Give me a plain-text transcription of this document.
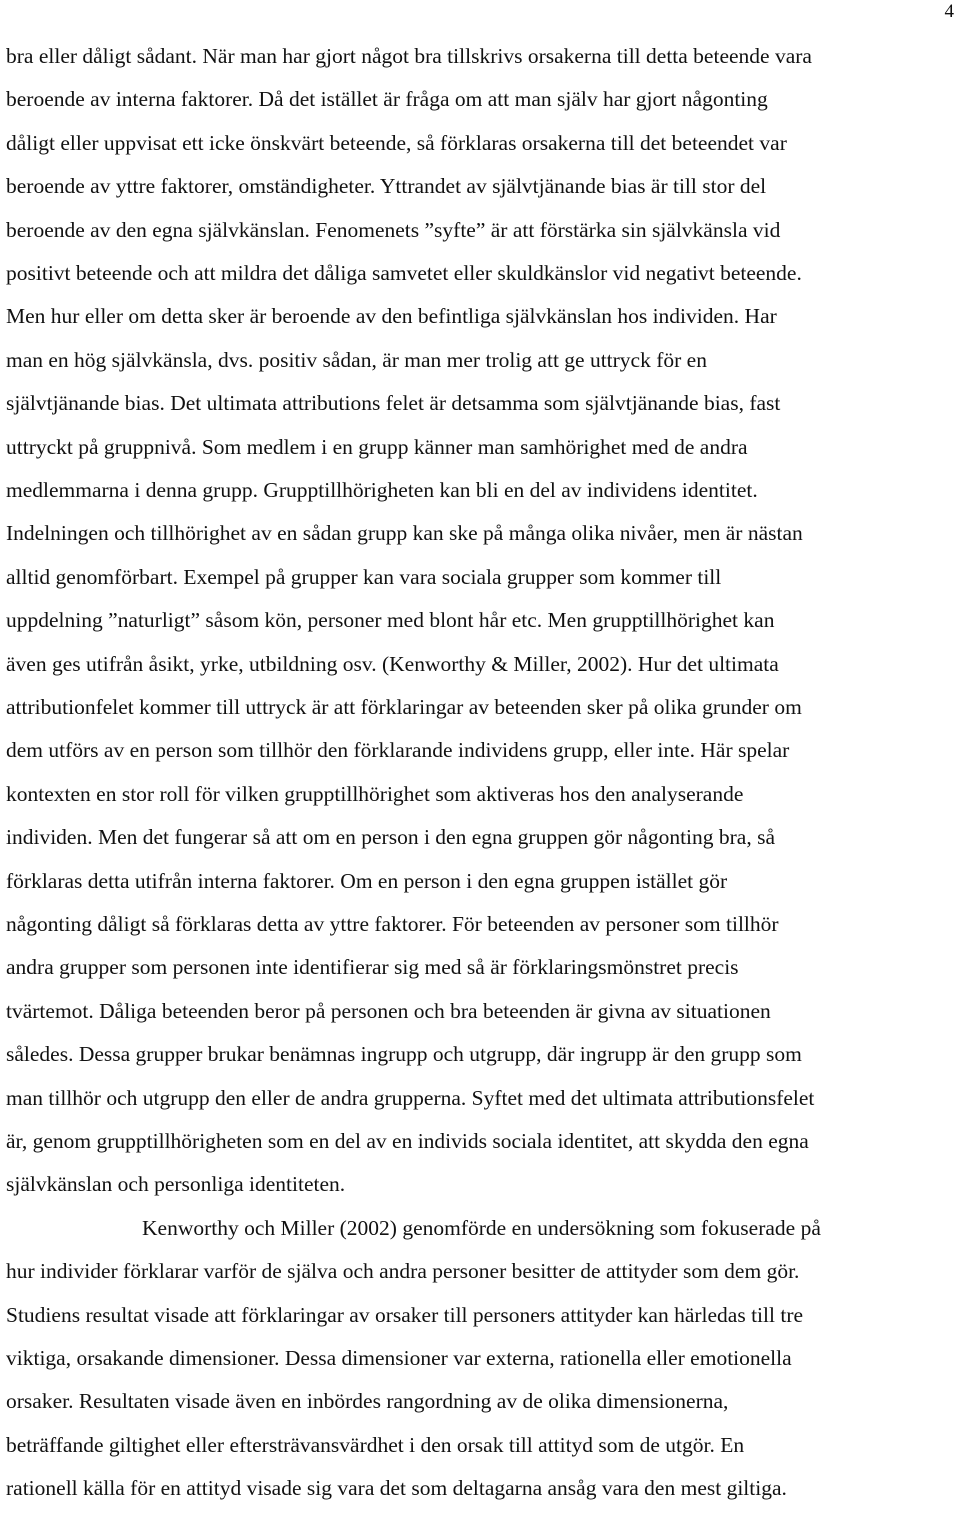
4
bra eller dåligt sådant. När man har gjort något bra tillskrivs orsakerna till detta beteende vara
beroende av interna faktorer. Då det istället är fråga om att man själv har gjort någonting
dåligt eller uppvisat ett icke önskvärt beteende, så förklaras orsakerna till det beteendet var
beroende av yttre faktorer, omständigheter. Yttrandet av självtjänande bias är till stor del
beroende av den egna självkänslan. Fenomenets ”syfte” är att förstärka sin självkänsla vid
positivt beteende och att mildra det dåliga samvetet eller skuldkänslor vid negativt beteende.
Men hur eller om detta sker är beroende av den befintliga självkänslan hos individen. Har
man en hög självkänsla, dvs. positiv sådan, är man mer trolig att ge uttryck för en
självtjänande bias. Det ultimata attributions felet är detsamma som självtjänande bias, fast
uttryckt på gruppnivå. Som medlem i en grupp känner man samhörighet med de andra
medlemmarna i denna grupp. Grupptillhörigheten kan bli en del av individens identitet.
Indelningen och tillhörighet av en sådan grupp kan ske på många olika nivåer, men är nästan
alltid genomförbart. Exempel på grupper kan vara sociala grupper som kommer till
uppdelning ”naturligt” såsom kön, personer med blont hår etc. Men grupptillhörighet kan
även ges utifrån åsikt, yrke, utbildning osv. (Kenworthy & Miller, 2002). Hur det ultimata
attributionfelet kommer till uttryck är att förklaringar av beteenden sker på olika grunder om
dem utförs av en person som tillhör den förklarande individens grupp, eller inte. Här spelar
kontexten en stor roll för vilken grupptillhörighet som aktiveras hos den analyserande
individen. Men det fungerar så att om en person i den egna gruppen gör någonting bra, så
förklaras detta utifrån interna faktorer. Om en person i den egna gruppen istället gör
någonting dåligt så förklaras detta av yttre faktorer. För beteenden av personer som tillhör
andra grupper som personen inte identifierar sig med så är förklaringsmönstret precis
tvärtemot. Dåliga beteenden beror på personen och bra beteenden är givna av situationen
således. Dessa grupper brukar benämnas ingrupp och utgrupp, där ingrupp är den grupp som
man tillhör och utgrupp den eller de andra grupperna. Syftet med det ultimata attributionsfelet
är, genom grupptillhörigheten som en del av en individs sociala identitet, att skydda den egna
självkänslan och personliga identiteten.
Kenworthy och Miller (2002) genomförde en undersökning som fokuserade på
hur individer förklarar varför de själva och andra personer besitter de attityder som dem gör.
Studiens resultat visade att förklaringar av orsaker till personers attityder kan härledas till tre
viktiga, orsakande dimensioner. Dessa dimensioner var externa, rationella eller emotionella
orsaker. Resultaten visade även en inbördes rangordning av de olika dimensionerna,
beträffande giltighet eller eftersträvansvärdhet i den orsak till attityd som de utgör. En
rationell källa för en attityd visade sig vara det som deltagarna ansåg vara den mest giltiga.
